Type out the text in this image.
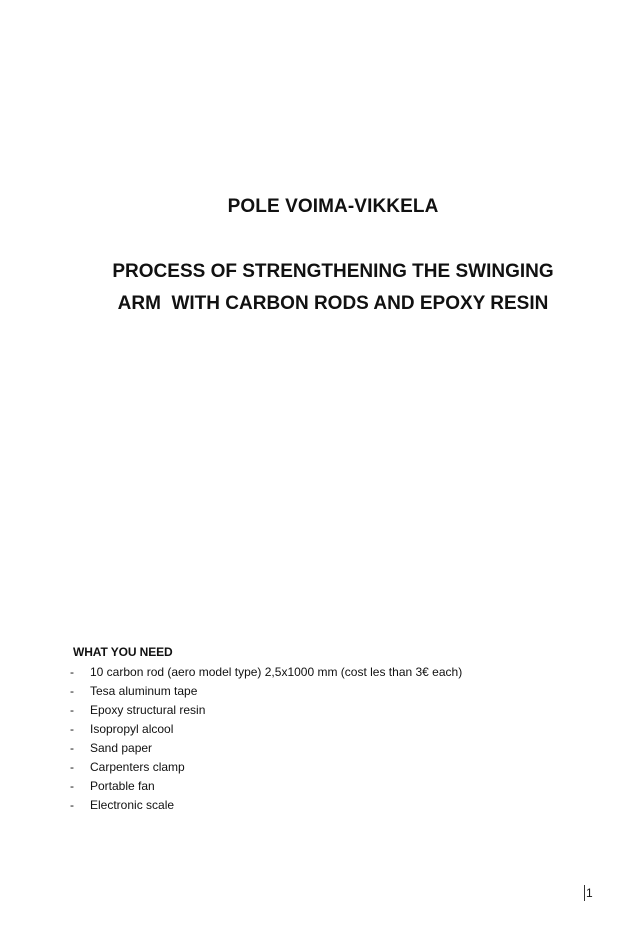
POLE VOIMA-VIKKELA
PROCESS OF STRENGTHENING THE SWINGING
ARM  WITH CARBON RODS AND EPOXY RESIN
WHAT YOU NEED
- 10 carbon rod (aero model type) 2,5x1000 mm (cost les than 3€ each)
- Tesa aluminum tape
- Epoxy structural resin
- Isopropyl alcool
- Sand paper
- Carpenters clamp
- Portable fan
- Electronic scale
1
